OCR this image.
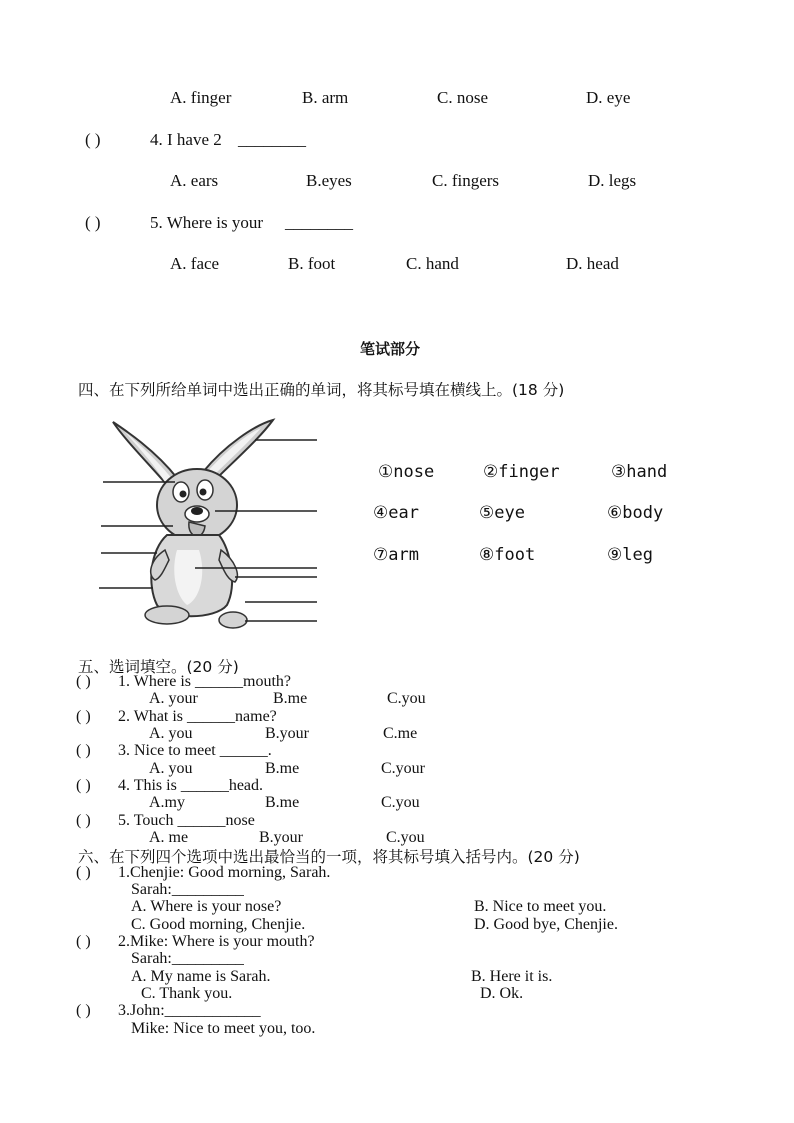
A. finger	B. arm	C. nose	D. eye
( )	4. I have 2 ________
A. ears	B.eyes	C. fingers	D. legs
( )	5. Where is your ________
A. face	B. foot	C. hand	D. head
笔试部分
四、在下列所给单词中选出正确的单词，将其标号填在横线上。(18 分)
①nose	②finger	③hand
④ear	⑤eye	⑥body
⑦arm	⑧foot	⑨leg
五、选词填空。(20 分)
( ) 1. Where is ______mouth?
A. your	B.me	C.you
( ) 2. What is ______name?
A. you	B.your	C.me
( ) 3. Nice to meet ______.
A. you	B.me	C.your
( ) 4. This is ______head.
A.my	B.me	C.you
( ) 5. Touch ______nose
A. me	B.your	C.you
六、在下列四个选项中选出最恰当的一项，将其标号填入括号内。(20 分)
( ) 1.Chenjie: Good morning, Sarah.
Sarah:_________
A. Where is your nose?	B. Nice to meet you.
C. Good morning, Chenjie.	D. Good bye, Chenjie.
( ) 2.Mike: Where is your mouth?
Sarah:_________
A. My name is Sarah.	B. Here it is.
C. Thank you.	D. Ok.
( ) 3.John:____________
Mike: Nice to meet you, too.
